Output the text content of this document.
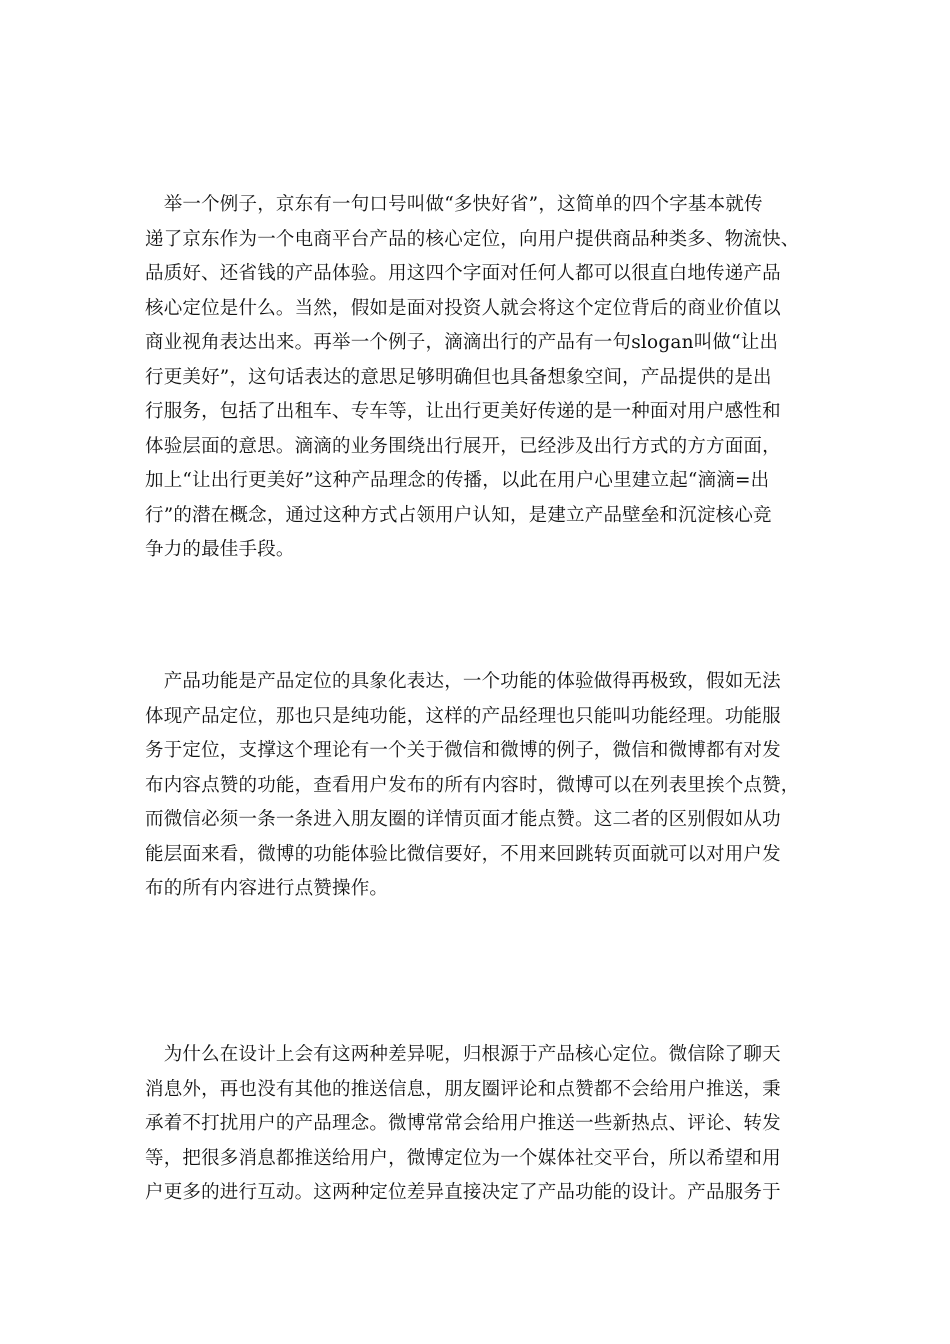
　举一个例子，京东有一句口号叫做“多快好省”，这简单的四个字基本就传
递了京东作为一个电商平台产品的核心定位，向用户提供商品种类多、物流快、
品质好、还省钱的产品体验。用这四个字面对任何人都可以很直白地传递产品
核心定位是什么。当然，假如是面对投资人就会将这个定位背后的商业价值以
商业视角表达出来。再举一个例子，滴滴出行的产品有一句slogan叫做“让出
行更美好”，这句话表达的意思足够明确但也具备想象空间，产品提供的是出
行服务，包括了出租车、专车等，让出行更美好传递的是一种面对用户感性和
体验层面的意思。滴滴的业务围绕出行展开，已经涉及出行方式的方方面面，
加上“让出行更美好”这种产品理念的传播，以此在用户心里建立起“滴滴=出
行”的潜在概念，通过这种方式占领用户认知，是建立产品壁垒和沉淀核心竞
争力的最佳手段。
　产品功能是产品定位的具象化表达，一个功能的体验做得再极致，假如无法
体现产品定位，那也只是纯功能，这样的产品经理也只能叫功能经理。功能服
务于定位，支撑这个理论有一个关于微信和微博的例子，微信和微博都有对发
布内容点赞的功能，查看用户发布的所有内容时，微博可以在列表里挨个点赞，
而微信必须一条一条进入朋友圈的详情页面才能点赞。这二者的区别假如从功
能层面来看，微博的功能体验比微信要好，不用来回跳转页面就可以对用户发
布的所有内容进行点赞操作。
　为什么在设计上会有这两种差异呢，归根源于产品核心定位。微信除了聊天
消息外，再也没有其他的推送信息，朋友圈评论和点赞都不会给用户推送，秉
承着不打扰用户的产品理念。微博常常会给用户推送一些新热点、评论、转发
等，把很多消息都推送给用户，微博定位为一个媒体社交平台，所以希望和用
户更多的进行互动。这两种定位差异直接决定了产品功能的设计。产品服务于
